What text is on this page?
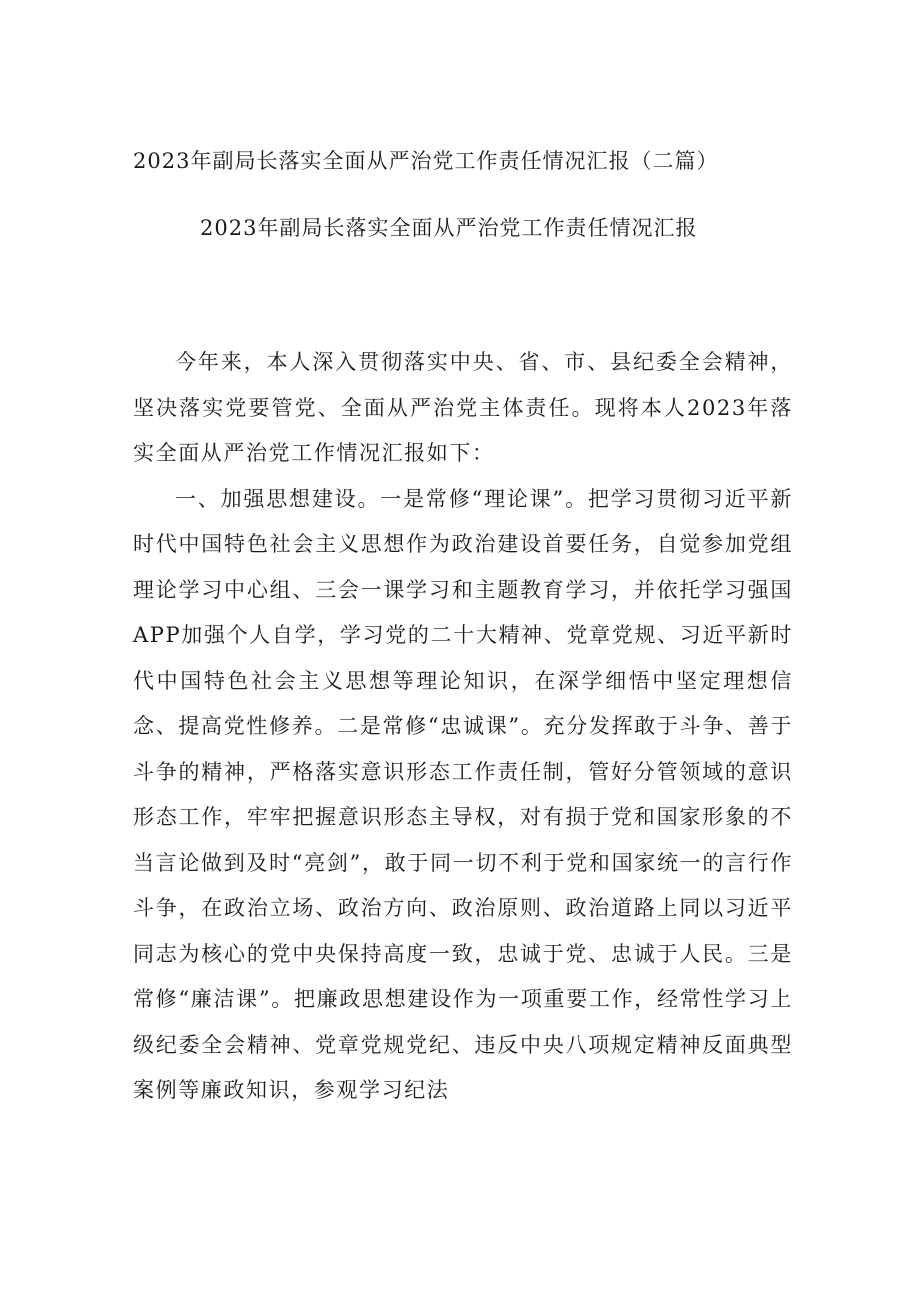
2023年副局长落实全面从严治党工作责任情况汇报（二篇）
2023年副局长落实全面从严治党工作责任情况汇报

今年来，本人深入贯彻落实中央、省、市、县纪委全会精神，坚决落实党要管党、全面从严治党主体责任。现将本人2023年落实全面从严治党工作情况汇报如下：

一、加强思想建设。一是常修“理论课”。把学习贯彻习近平新时代中国特色社会主义思想作为政治建设首要任务，自觉参加党组理论学习中心组、三会一课学习和主题教育学习，并依托学习强国APP加强个人自学，学习党的二十大精神、党章党规、习近平新时代中国特色社会主义思想等理论知识，在深学细悟中坚定理想信念、提高党性修养。二是常修“忠诚课”。充分发挥敢于斗争、善于斗争的精神，严格落实意识形态工作责任制，管好分管领域的意识形态工作，牢牢把握意识形态主导权，对有损于党和国家形象的不当言论做到及时“亮剑”，敢于同一切不利于党和国家统一的言行作斗争，在政治立场、政治方向、政治原则、政治道路上同以习近平同志为核心的党中央保持高度一致，忠诚于党、忠诚于人民。三是常修“廉洁课”。把廉政思想建设作为一项重要工作，经常性学习上级纪委全会精神、党章党规党纪、违反中央八项规定精神反面典型案例等廉政知识，参观学习纪法
